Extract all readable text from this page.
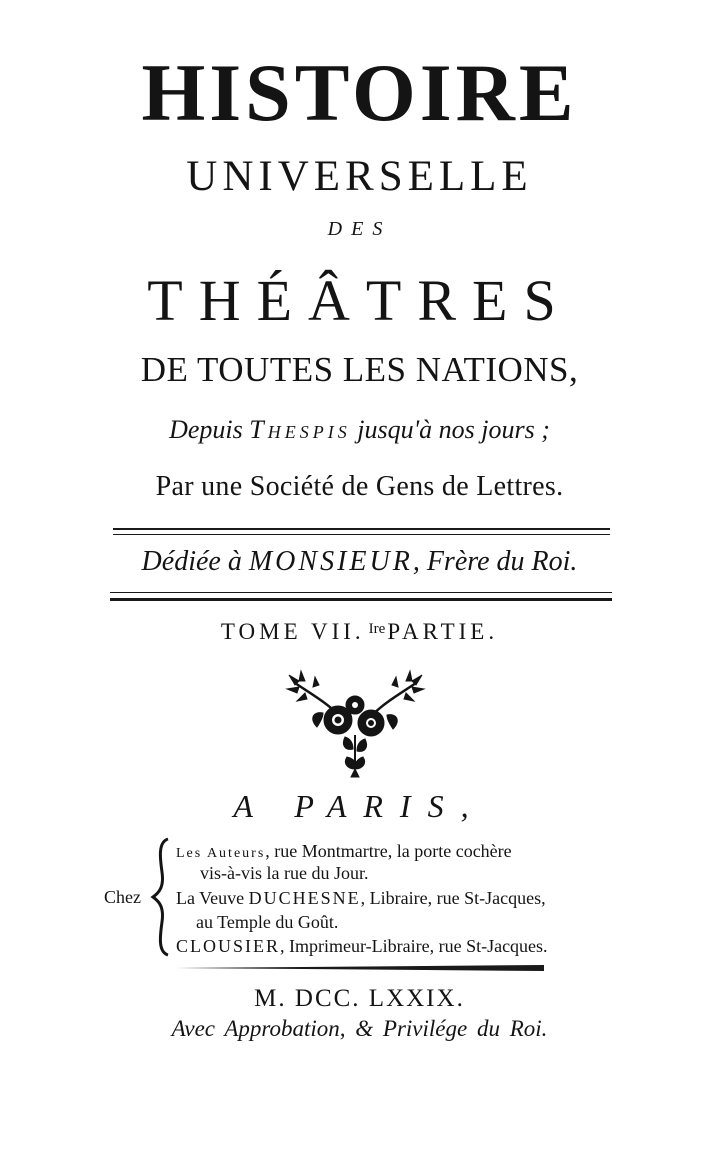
HISTOIRE
UNIVERSELLE
DES
THÉÂTRES
DE TOUTES LES NATIONS,
Depuis Thespis jusqu'à nos jours ;
Par une Société de Gens de Lettres.
Dédiée à MONSIEUR, Frère du Roi.
TOME VII. $^{Ire}$PARTIE.
A PARIS,
Chez
Les Auteurs, rue Montmartre, la porte cochère
vis-à-vis la rue du Jour.
La Veuve DUCHESNE, Libraire, rue St-Jacques,
au Temple du Goût.
CLOUSIER, Imprimeur-Libraire, rue St-Jacques.
M. DCC. LXXIX.
Avec Approbation, & Privilége du Roi.
